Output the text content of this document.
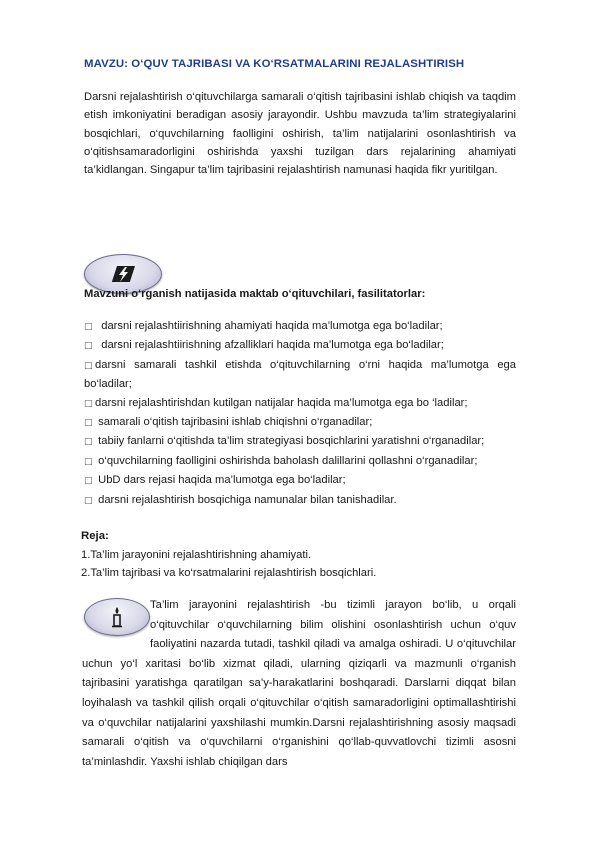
MAVZU: O‘QUV TAJRIBASI VA KO‘RSATMALARINI REJALASHTIRISH
Darsni rejalashtirish o‘qituvchilarga samarali o‘qitish tajribasini ishlab chiqish va taqdim etish imkoniyatini beradigan asosiy jarayondir. Ushbu mavzuda ta’lim strategiyalarini bosqichlari, o‘quvchilarning faolligini oshirish, ta’lim natijalarini osonlashtirish va o‘qitishsamaradorligini oshirishda yaxshi tuzilgan dars rejalarining ahamiyati ta’kidlangan. Singapur ta’lim tajribasini rejalashtirish namunasi haqida fikr yuritilgan.
Mavzuni o‘rganish natijasida maktab o‘qituvchilari, fasilitatorlar:
□ darsni rejalashtiirishning ahamiyati haqida ma’lumotga ega bo‘ladilar;
□ darsni rejalashtiirishning afzalliklari haqida ma’lumotga ega bo‘ladilar;
□ darsni samarali tashkil etishda o‘qituvchilarning o‘rni haqida ma’lumotga ega bo‘ladilar;
□ darsni rejalashtirishdan kutilgan natijalar haqida ma’lumotga ega bo ‘ladilar;
□ samarali o‘qitish tajribasini ishlab chiqishni o‘rganadilar;
□ tabiiy fanlarni o‘qitishda ta’lim strategiyasi bosqichlarini yaratishni o‘rganadilar;
□ o‘quvchilarning faolligini oshirishda baholash dalillarini qollashni o‘rganadilar;
□ UbD dars rejasi haqida ma’lumotga ega bo‘ladilar;
□ darsni rejalashtirish bosqichiga namunalar bilan tanishadilar.
Reja:
1.Ta’lim jarayonini rejalashtirishning ahamiyati.
2.Ta’lim tajribasi va ko‘rsatmalarini rejalashtirish bosqichlari.
Ta’lim jarayonini rejalashtirish -bu tizimli jarayon bo‘lib, u orqali o‘qituvchilar o‘quvchilarning bilim olishini osonlashtirish uchun o‘quv faoliyatini nazarda tutadi, tashkil qiladi va amalga oshiradi. U o‘qituvchilar uchun yo‘l xaritasi bo‘lib xizmat qiladi, ularning qiziqarli va mazmunli o‘rganish tajribasini yaratishga qaratilgan sa’y-harakatlarini boshqaradi. Darslarni diqqat bilan loyihalash va tashkil qilish orqali o‘qituvchilar o‘qitish samaradorligini optimallashtirishi va o‘quvchilar natijalarini yaxshilashi mumkin.Darsni rejalashtirishning asosiy maqsadi samarali o‘qitish va o‘quvchilarni o‘rganishini qo‘llab-quvvatlovchi tizimli asosni ta’minlashdir. Yaxshi ishlab chiqilgan dars
